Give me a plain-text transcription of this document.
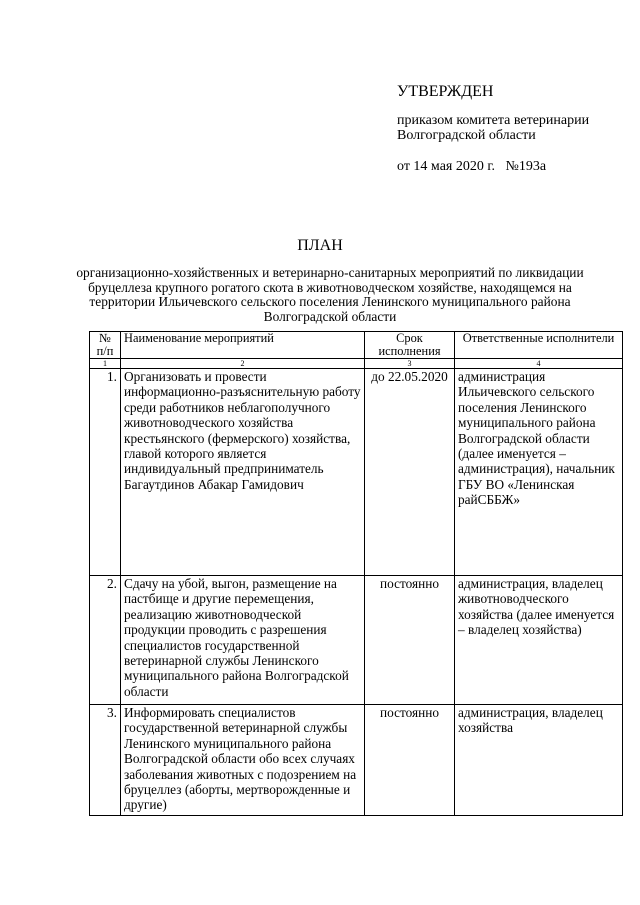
УТВЕРЖДЕН
приказом комитета ветеринарии
Волгоградской области
от 14 мая 2020 г.   №193а
ПЛАН
организационно-хозяйственных и ветеринарно-санитарных мероприятий по ликвидации бруцеллеза крупного рогатого скота в животноводческом хозяйстве, находящемся на территории Ильичевского сельского поселения Ленинского муниципального района Волгоградской области
№ п/п	Наименование мероприятий	Срок исполнения	Ответственные исполнители
1	2	3	4
1.	Организовать и провести информационно-разъяснительную работу среди работников неблагополучного животноводческого хозяйства крестьянского (фермерского) хозяйства, главой которого является индивидуальный предприниматель Багаутдинов Абакар Гамидович	до 22.05.2020	администрация Ильичевского сельского поселения Ленинского муниципального района Волгоградской области (далее именуется – администрация), начальник ГБУ ВО «Ленинская райСББЖ»
2.	Сдачу на убой, выгон, размещение на пастбище и другие перемещения, реализацию животноводческой продукции проводить с разрешения специалистов государственной ветеринарной службы Ленинского муниципального района Волгоградской области	постоянно	администрация, владелец животноводческого хозяйства (далее именуется – владелец хозяйства)
3.	Информировать специалистов государственной ветеринарной службы Ленинского муниципального района Волгоградской области обо всех случаях заболевания животных с подозрением на бруцеллез (аборты, мертворожденные и другие)	постоянно	администрация, владелец хозяйства
